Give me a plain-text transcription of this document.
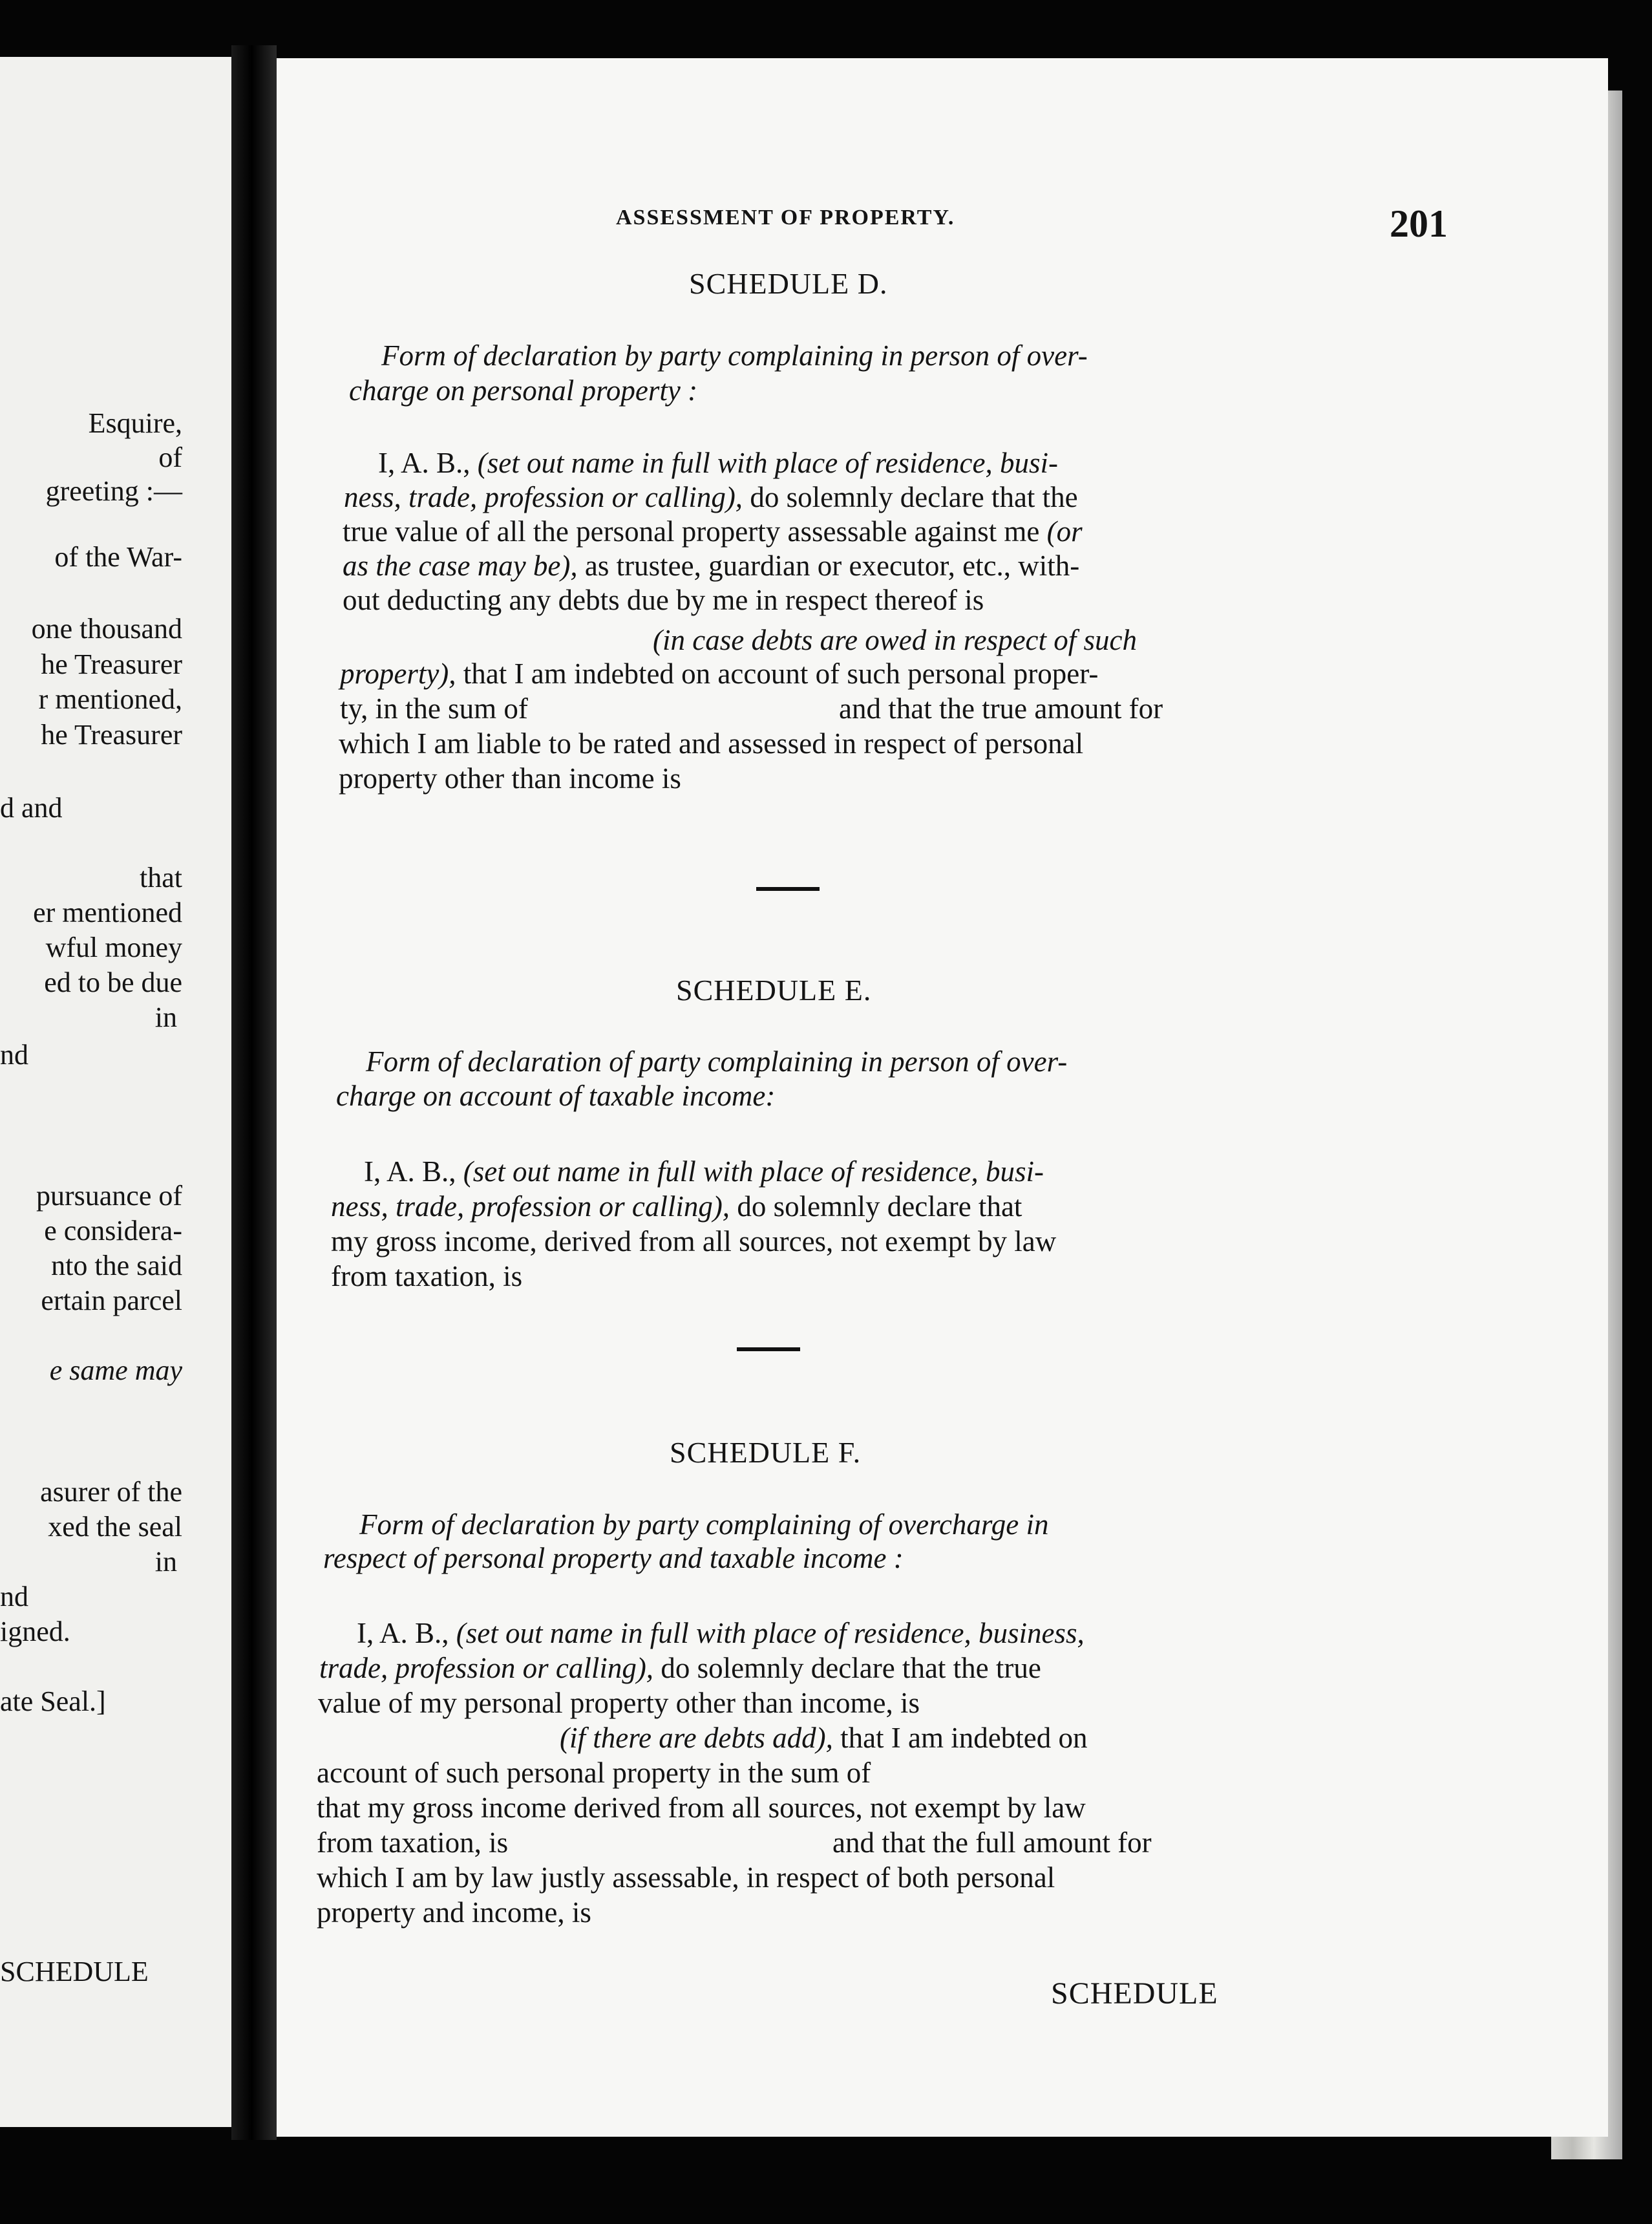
Esquire,
of
greeting :—
of the War-
one thousand
he Treasurer
r mentioned,
he Treasurer
d and
that
er mentioned
wful money
ed to be due
in
nd
pursuance of
e considera-
nto the said
ertain parcel
e same may
asurer of the
xed the seal
in
nd
igned.
ate Seal.]
SCHEDULE
ASSESSMENT OF PROPERTY.	201
SCHEDULE D.
Form of declaration by party complaining in person of over-
charge on personal property :
I, A. B., (set out name in full with place of residence, busi-
ness, trade, profession or calling), do solemnly declare that the
true value of all the personal property assessable against me (or
as the case may be), as trustee, guardian or executor, etc., with-
out deducting any debts due by me in respect thereof is
(in case debts are owed in respect of such
property), that I am indebted on account of such personal proper-
ty, in the sum of	and that the true amount for
which I am liable to be rated and assessed in respect of personal
property other than income is
SCHEDULE E.
Form of declaration of party complaining in person of over-
charge on account of taxable income:
I, A. B., (set out name in full with place of residence, busi-
ness, trade, profession or calling), do solemnly declare that
my gross income, derived from all sources, not exempt by law
from taxation, is
SCHEDULE F.
Form of declaration by party complaining of overcharge in
respect of personal property and taxable income :
I, A. B., (set out name in full with place of residence, business,
trade, profession or calling), do solemnly declare that the true
value of my personal property other than income, is
(if there are debts add), that I am indebted on
account of such personal property in the sum of
that my gross income derived from all sources, not exempt by law
from taxation, is	and that the full amount for
which I am by law justly assessable, in respect of both personal
property and income, is
SCHEDULE
